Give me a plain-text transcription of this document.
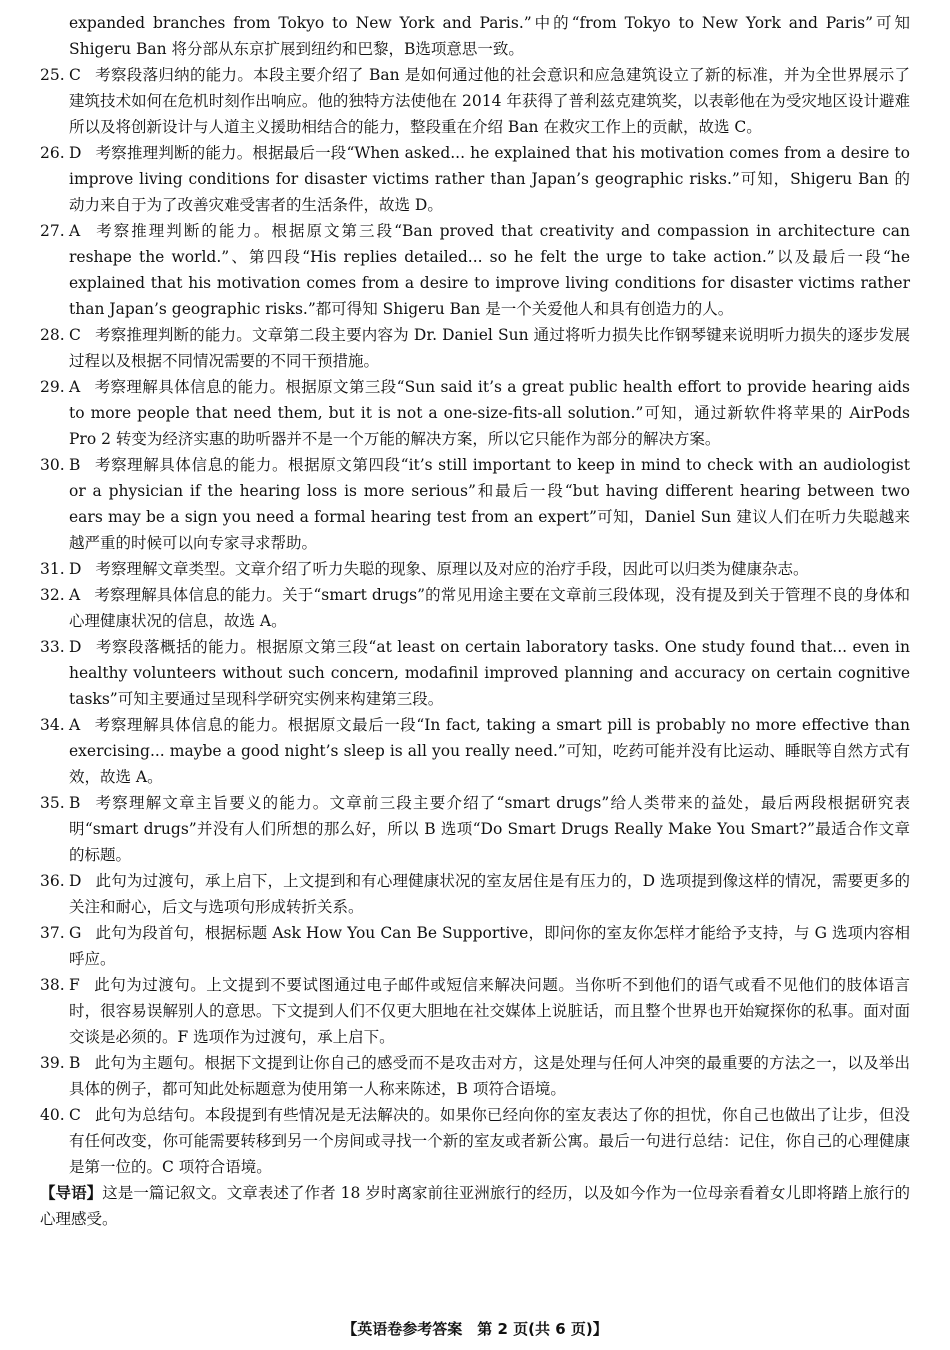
expanded branches from Tokyo to New York and Paris.”中的“from Tokyo to New York and Paris”可知Shigeru Ban 将分部从东京扩展到纽约和巴黎，B选项意思一致。
25. C 考察段落归纳的能力。本段主要介绍了 Ban 是如何通过他的社会意识和应急建筑设立了新的标准，并为全世界展示了建筑技术如何在危机时刻作出响应。他的独特方法使他在 2014 年获得了普利兹克建筑奖，以表彰他在为受灾地区设计避难所以及将创新设计与人道主义援助相结合的能力，整段重在介绍 Ban 在救灾工作上的贡献，故选 C。
26. D 考察推理判断的能力。根据最后一段“When asked... he explained that his motivation comes from a desire to improve living conditions for disaster victims rather than Japan’s geographic risks.”可知，Shigeru Ban 的动力来自于为了改善灾难受害者的生活条件，故选 D。
27. A 考察推理判断的能力。根据原文第三段“Ban proved that creativity and compassion in architecture can reshape the world.”、第四段“His replies detailed... so he felt the urge to take action.”以及最后一段“he explained that his motivation comes from a desire to improve living conditions for disaster victims rather than Japan’s geographic risks.”都可得知 Shigeru Ban 是一个关爱他人和具有创造力的人。
28. C 考察推理判断的能力。文章第二段主要内容为 Dr. Daniel Sun 通过将听力损失比作钢琴键来说明听力损失的逐步发展过程以及根据不同情况需要的不同干预措施。
29. A 考察理解具体信息的能力。根据原文第三段“Sun said it’s a great public health effort to provide hearing aids to more people that need them, but it is not a one-size-fits-all solution.”可知，通过新软件将苹果的 AirPods Pro 2 转变为经济实惠的助听器并不是一个万能的解决方案，所以它只能作为部分的解决方案。
30. B 考察理解具体信息的能力。根据原文第四段“it’s still important to keep in mind to check with an audiologist or a physician if the hearing loss is more serious”和最后一段“but having different hearing between two ears may be a sign you need a formal hearing test from an expert”可知，Daniel Sun 建议人们在听力失聪越来越严重的时候可以向专家寻求帮助。
31. D 考察理解文章类型。文章介绍了听力失聪的现象、原理以及对应的治疗手段，因此可以归类为健康杂志。
32. A 考察理解具体信息的能力。关于“smart drugs”的常见用途主要在文章前三段体现，没有提及到关于管理不良的身体和心理健康状况的信息，故选 A。
33. D 考察段落概括的能力。根据原文第三段“at least on certain laboratory tasks. One study found that... even in healthy volunteers without such concern, modafinil improved planning and accuracy on certain cognitive tasks”可知主要通过呈现科学研究实例来构建第三段。
34. A 考察理解具体信息的能力。根据原文最后一段“In fact, taking a smart pill is probably no more effective than exercising... maybe a good night’s sleep is all you really need.”可知，吃药可能并没有比运动、睡眠等自然方式有效，故选 A。
35. B 考察理解文章主旨要义的能力。文章前三段主要介绍了“smart drugs”给人类带来的益处，最后两段根据研究表明“smart drugs”并没有人们所想的那么好，所以 B 选项“Do Smart Drugs Really Make You Smart?”最适合作文章的标题。
36. D 此句为过渡句，承上启下，上文提到和有心理健康状况的室友居住是有压力的，D 选项提到像这样的情况，需要更多的关注和耐心，后文与选项句形成转折关系。
37. G 此句为段首句，根据标题 Ask How You Can Be Supportive，即问你的室友你怎样才能给予支持，与 G 选项内容相呼应。
38. F 此句为过渡句。上文提到不要试图通过电子邮件或短信来解决问题。当你听不到他们的语气或看不见他们的肢体语言时，很容易误解别人的意思。下文提到人们不仅更大胆地在社交媒体上说脏话，而且整个世界也开始窥探你的私事。面对面交谈是必须的。F 选项作为过渡句，承上启下。
39. B 此句为主题句。根据下文提到让你自己的感受而不是攻击对方，这是处理与任何人冲突的最重要的方法之一，以及举出具体的例子，都可知此处标题意为使用第一人称来陈述，B 项符合语境。
40. C 此句为总结句。本段提到有些情况是无法解决的。如果你已经向你的室友表达了你的担忧，你自己也做出了让步，但没有任何改变，你可能需要转移到另一个房间或寻找一个新的室友或者新公寓。最后一句进行总结：记住，你自己的心理健康是第一位的。C 项符合语境。
【导语】这是一篇记叙文。文章表述了作者 18 岁时离家前往亚洲旅行的经历，以及如今作为一位母亲看着女儿即将踏上旅行的心理感受。
【英语卷参考答案　第 2 页(共 6 页)】
